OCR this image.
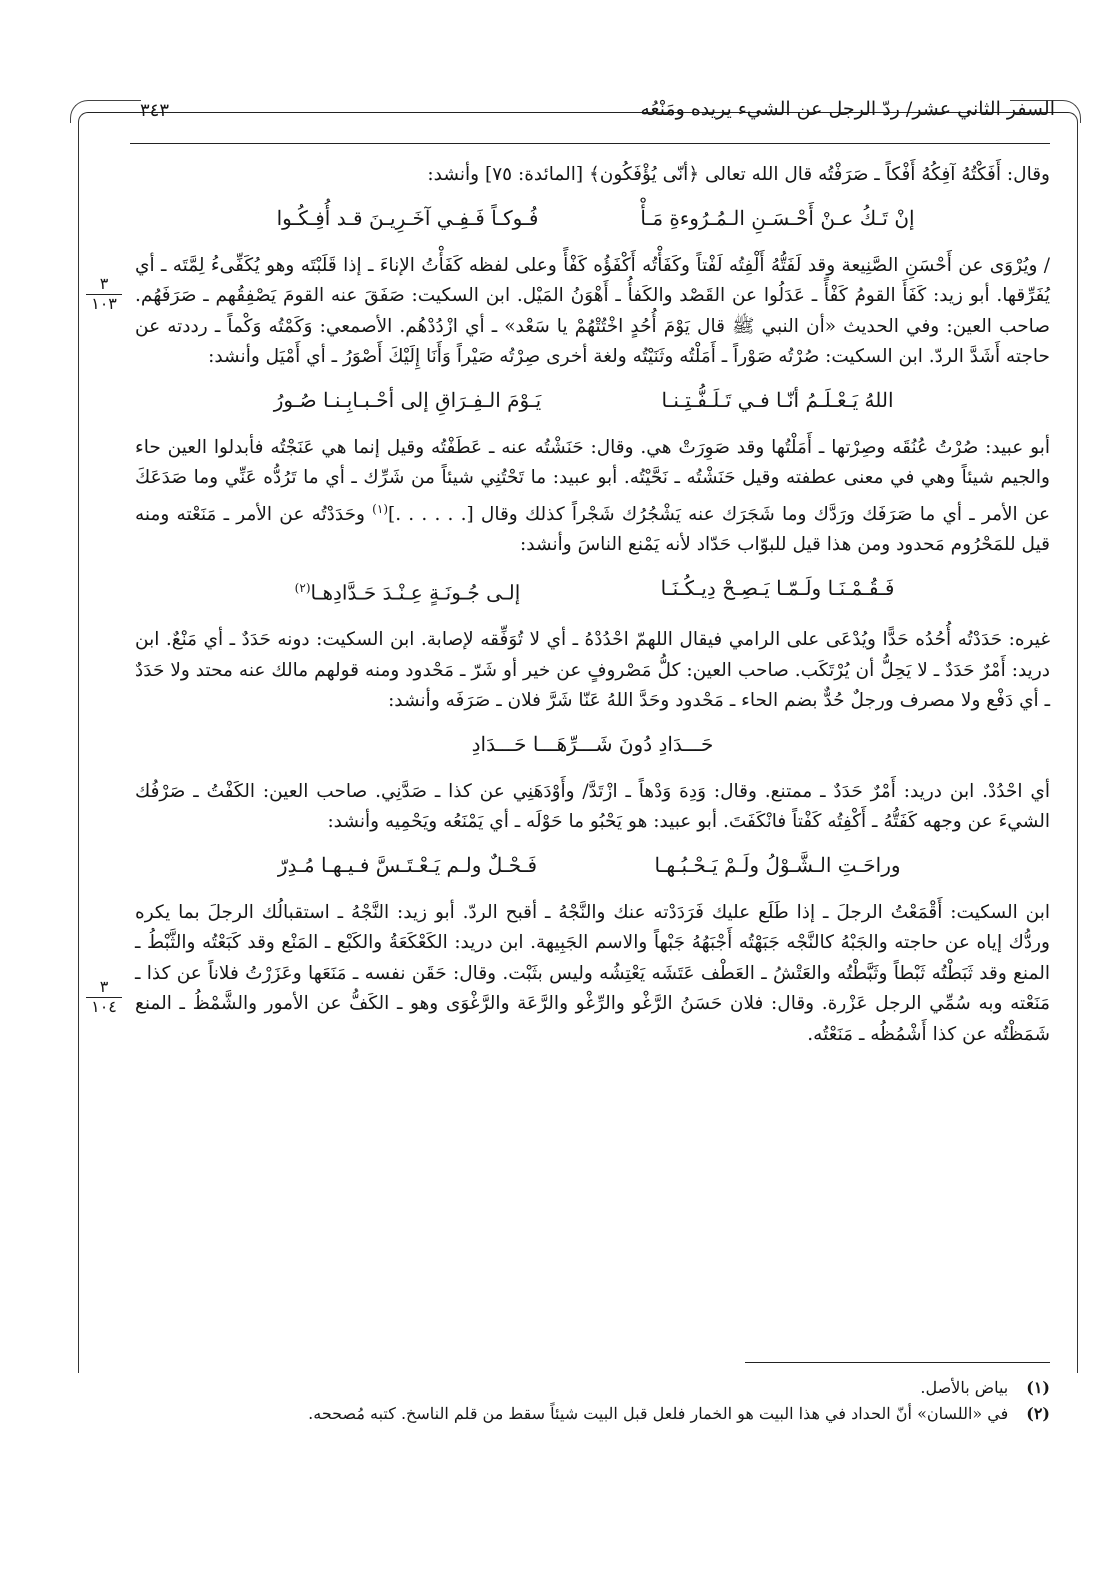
السفر الثاني عشر/ ردّ الرجل عن الشيء يريده ومَنْعُه
٣٤٣
٣
١٠٣
٣
١٠٤

وقال: أَفَكْتُهُ آفِكُهُ أَفْكاً ـ صَرَفْتُه قال الله تعالى ﴿أنّى يُؤْفَكُون﴾ [المائدة: ٧٥] وأنشد:

إنْ تَـكُ عـنْ أَحْـسَـنِ الـمُـرُوءةِ مَـأْ
فُـوكـاً فَـفِـي آخَـرِيـنَ قـد أُفِـكُـوا

/ ويُرْوَى عن أَحْسَنِ الصَّنِيعة وقد لَفَتُّهُ أَلْفِتُه لَفْتاً وكَفَأْتُه أَكْفَؤُه كَفْأً وعلى لفظه كَفَأْتُ الإناءَ ـ إذا قَلَبْتَه وهو يُكَفِّىءُ لِمَّتَه ـ أي يُفَرِّقها. أبو زيد: كَفَأَ القومُ كَفْأً ـ عَدَلُوا عن القَصْد والكَفأُ ـ أَهْوَنُ المَيْل. ابن السكيت: صَفَقَ عنه القومَ يَصْفِقُهم ـ صَرَفَهُم. صاحب العين: وفي الحديث «أن النبي ﷺ قال يَوْمَ أُحُدٍ اخْتُتْهُمْ يا سَعْد» ـ أي ازْدُدْهُم. الأصمعي: وَكَمْتُه وَكْماً ـ رددته عن حاجته أَشَدَّ الردّ. ابن السكيت: صُرْتُه صَوْراً ـ أَمَلْتُه وثَنَيْتُه ولغة أخرى صِرْتُه صَيْراً وَأَنَا إِلَيْكَ أَصْوَرُ ـ أي أَمْيَل وأنشد:

اللهُ يَـعْـلَـمُ أنّـا فـي تَـلَـفُّـتِـنـا
يَـوْمَ الـفِـرَاقِ إلى أحْـبـابِـنـا صُـورُ

أبو عبيد: صُرْتُ عُنُقَه وصِرْتها ـ أَمَلْتُها وقد صَوِرَتْ هي. وقال: حَنَشْتُه عنه ـ عَطَفْتُه وقيل إنما هي عَنَجْتُه فأبدلوا العين حاء والجيم شيئاً وهي في معنى عطفته وقيل حَنَشْتُه ـ نَحَّيْتُه. أبو عبيد: ما تَحْتُنِي شيئاً من شَرِّك ـ أي ما تَرُدُّه عَنِّي وما صَدَعَكَ عن الأمر ـ أي ما صَرَفَك ورَدَّك وما شَجَرَك عنه يَشْجُرُك شَجْراً كذلك وقال [. . . . . .]$^{(١)}$ وحَدَدْتُه عن الأمر ـ مَنَعْته ومنه قيل للمَحْرُوم مَحدود ومن هذا قيل للبوّاب حَدّاد لأنه يَمْنع الناسَ وأنشد:

فَـقُـمْـنَـا ولَـمّـا يَـصِـحْ دِيـكُـنَـا
إلـى جُـونَـةٍ عِـنْـدَ حَـدَّادِهـا$^{(٢)}$

غيره: حَدَدْتُه أُحُدُه حَدًّا ويُدْعَى على الرامي فيقال اللهمّ احْدُدْهُ ـ أي لا تُوَفِّقه لإصابة. ابن السكيت: دونه حَدَدٌ ـ أي مَنْعٌ. ابن دريد: أَمْرٌ حَدَدٌ ـ لا يَحِلُّ أن يُرْتَكَب. صاحب العين: كلُّ مَصْروفٍ عن خير أو شَرّ ـ مَحْدود ومنه قولهم مالك عنه محتد ولا حَدَدٌ ـ أي دَفْع ولا مصرف ورجلٌ حُدٌّ بضم الحاء ـ مَحْدود وحَدَّ اللهُ عَنّا شَرَّ فلان ـ صَرَفَه وأنشد:

حَـــدَادِ دُونَ شَـــرِّهَـــا حَـــدَادِ

أي احْدُدْ. ابن دريد: أَمْرٌ حَدَدٌ ـ ممتنع. وقال: وَدِهَ وَدْهاً ـ ازْتَدَّ/ وأَوْدَهَنِي عن كذا ـ صَدَّنِي. صاحب العين: الكَفْتُ ـ صَرْفُك الشيءَ عن وجهه كَفَتُّهُ ـ أَكْفِتُه كَفْتاً فانْكَفَتَ. أبو عبيد: هو يَحْبُو ما حَوْلَه ـ أي يَمْنَعُه ويَحْمِيه وأنشد:

وراحَـتِ الـشَّـوْلُ ولَـمْ يَـحْـبُـهـا
فَـحْـلٌ ولـم يَـعْـتَـسَّ فـيـهـا مُـدِرّ

ابن السكيت: أَقْمَعْتُ الرجلَ ـ إذا طَلَع عليك فَرَدَدْته عنك والنَّجْهُ ـ أقبح الردّ. أبو زيد: النَّجْهُ ـ استقبالُك الرجلَ بما يكره وردُّك إياه عن حاجته والجَبْهُ كالنَّجْه جَبَهْتُه أَجْبَهُهُ جَبْهاً والاسم الجَبِيهة. ابن دريد: الكَعْكَعَةُ والكَبْع ـ المَنْع وقد كَبَعْتُه والثَّبْطُ ـ المنع وقد ثَبَطْتُه ثَبْطاً وثَبَّطْتُه والعَتْشُ ـ العَطْف عَتَشَه يَعْتِشُه وليس بثَبْت. وقال: حَقَن نفسه ـ مَنَعَها وعَزَرْتُ فلاناً عن كذا ـ مَنَعْته وبه سُمِّي الرجل عَزْرة. وقال: فلان حَسَنُ الرَّغْو والرِّغْو والرَّعَة والرَّغْوَى وهو ـ الكَفُّ عن الأمور والشَّمْظُ ـ المنع شَمَظْتُه عن كذا أَشْمُظُه ـ مَنَعْتُه.

(١)
بياض بالأصل.
(٢)
في «اللسان» أنّ الحداد في هذا البيت هو الخمار فلعل قبل البيت شيئاً سقط من قلم الناسخ. كتبه مُصححه.
